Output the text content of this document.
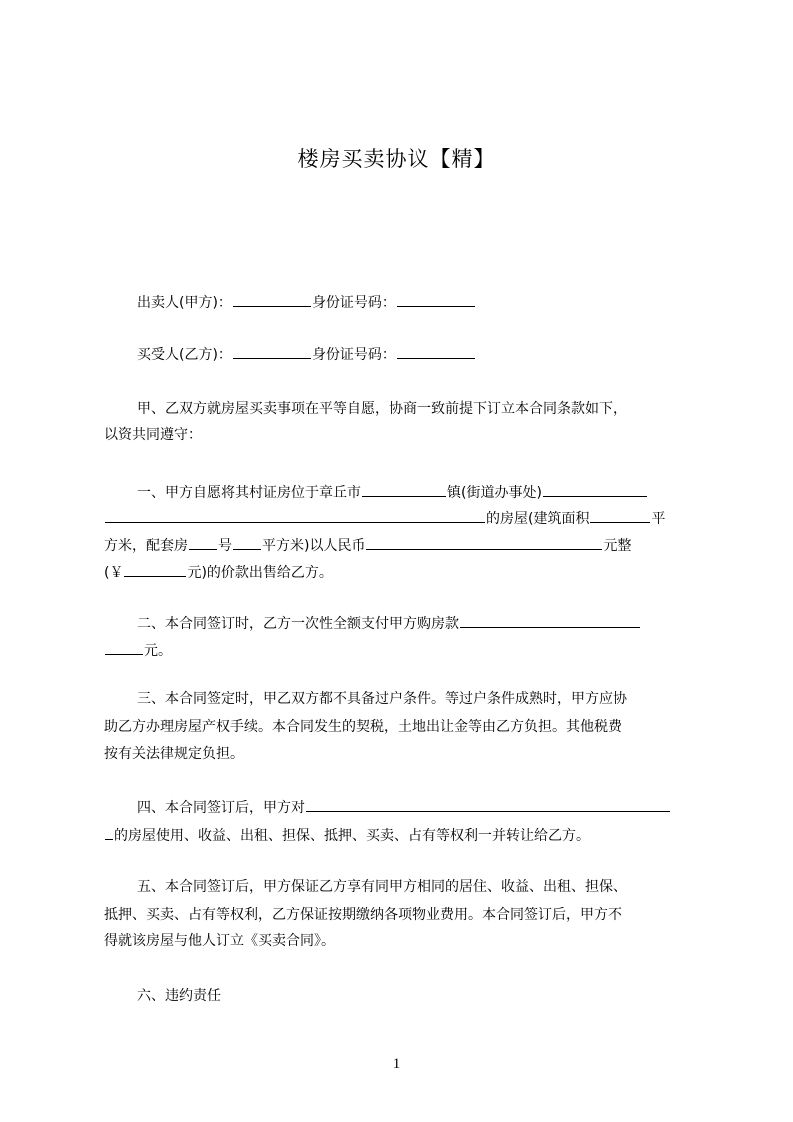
楼房买卖协议【精】
出卖人(甲方)：	身份证号码：
买受人(乙方)：	身份证号码：
甲、乙双方就房屋买卖事项在平等自愿，协商一致前提下订立本合同条款如下，
以资共同遵守：
一、甲方自愿将其村证房位于章丘市	镇(街道办事处)
的房屋(建筑面积	平
方米，配套房 号 平方米)以人民币	元整
(￥	元)的价款出售给乙方。
二、本合同签订时，乙方一次性全额支付甲方购房款
元。
三、本合同签定时，甲乙双方都不具备过户条件。等过户条件成熟时，甲方应协
助乙方办理房屋产权手续。本合同发生的契税，土地出让金等由乙方负担。其他税费
按有关法律规定负担。
四、本合同签订后，甲方对
的房屋使用、收益、出租、担保、抵押、买卖、占有等权利一并转让给乙方。
五、本合同签订后，甲方保证乙方享有同甲方相同的居住、收益、出租、担保、
抵押、买卖、占有等权利，乙方保证按期缴纳各项物业费用。本合同签订后，甲方不
得就该房屋与他人订立《买卖合同》。
六、违约责任
1
